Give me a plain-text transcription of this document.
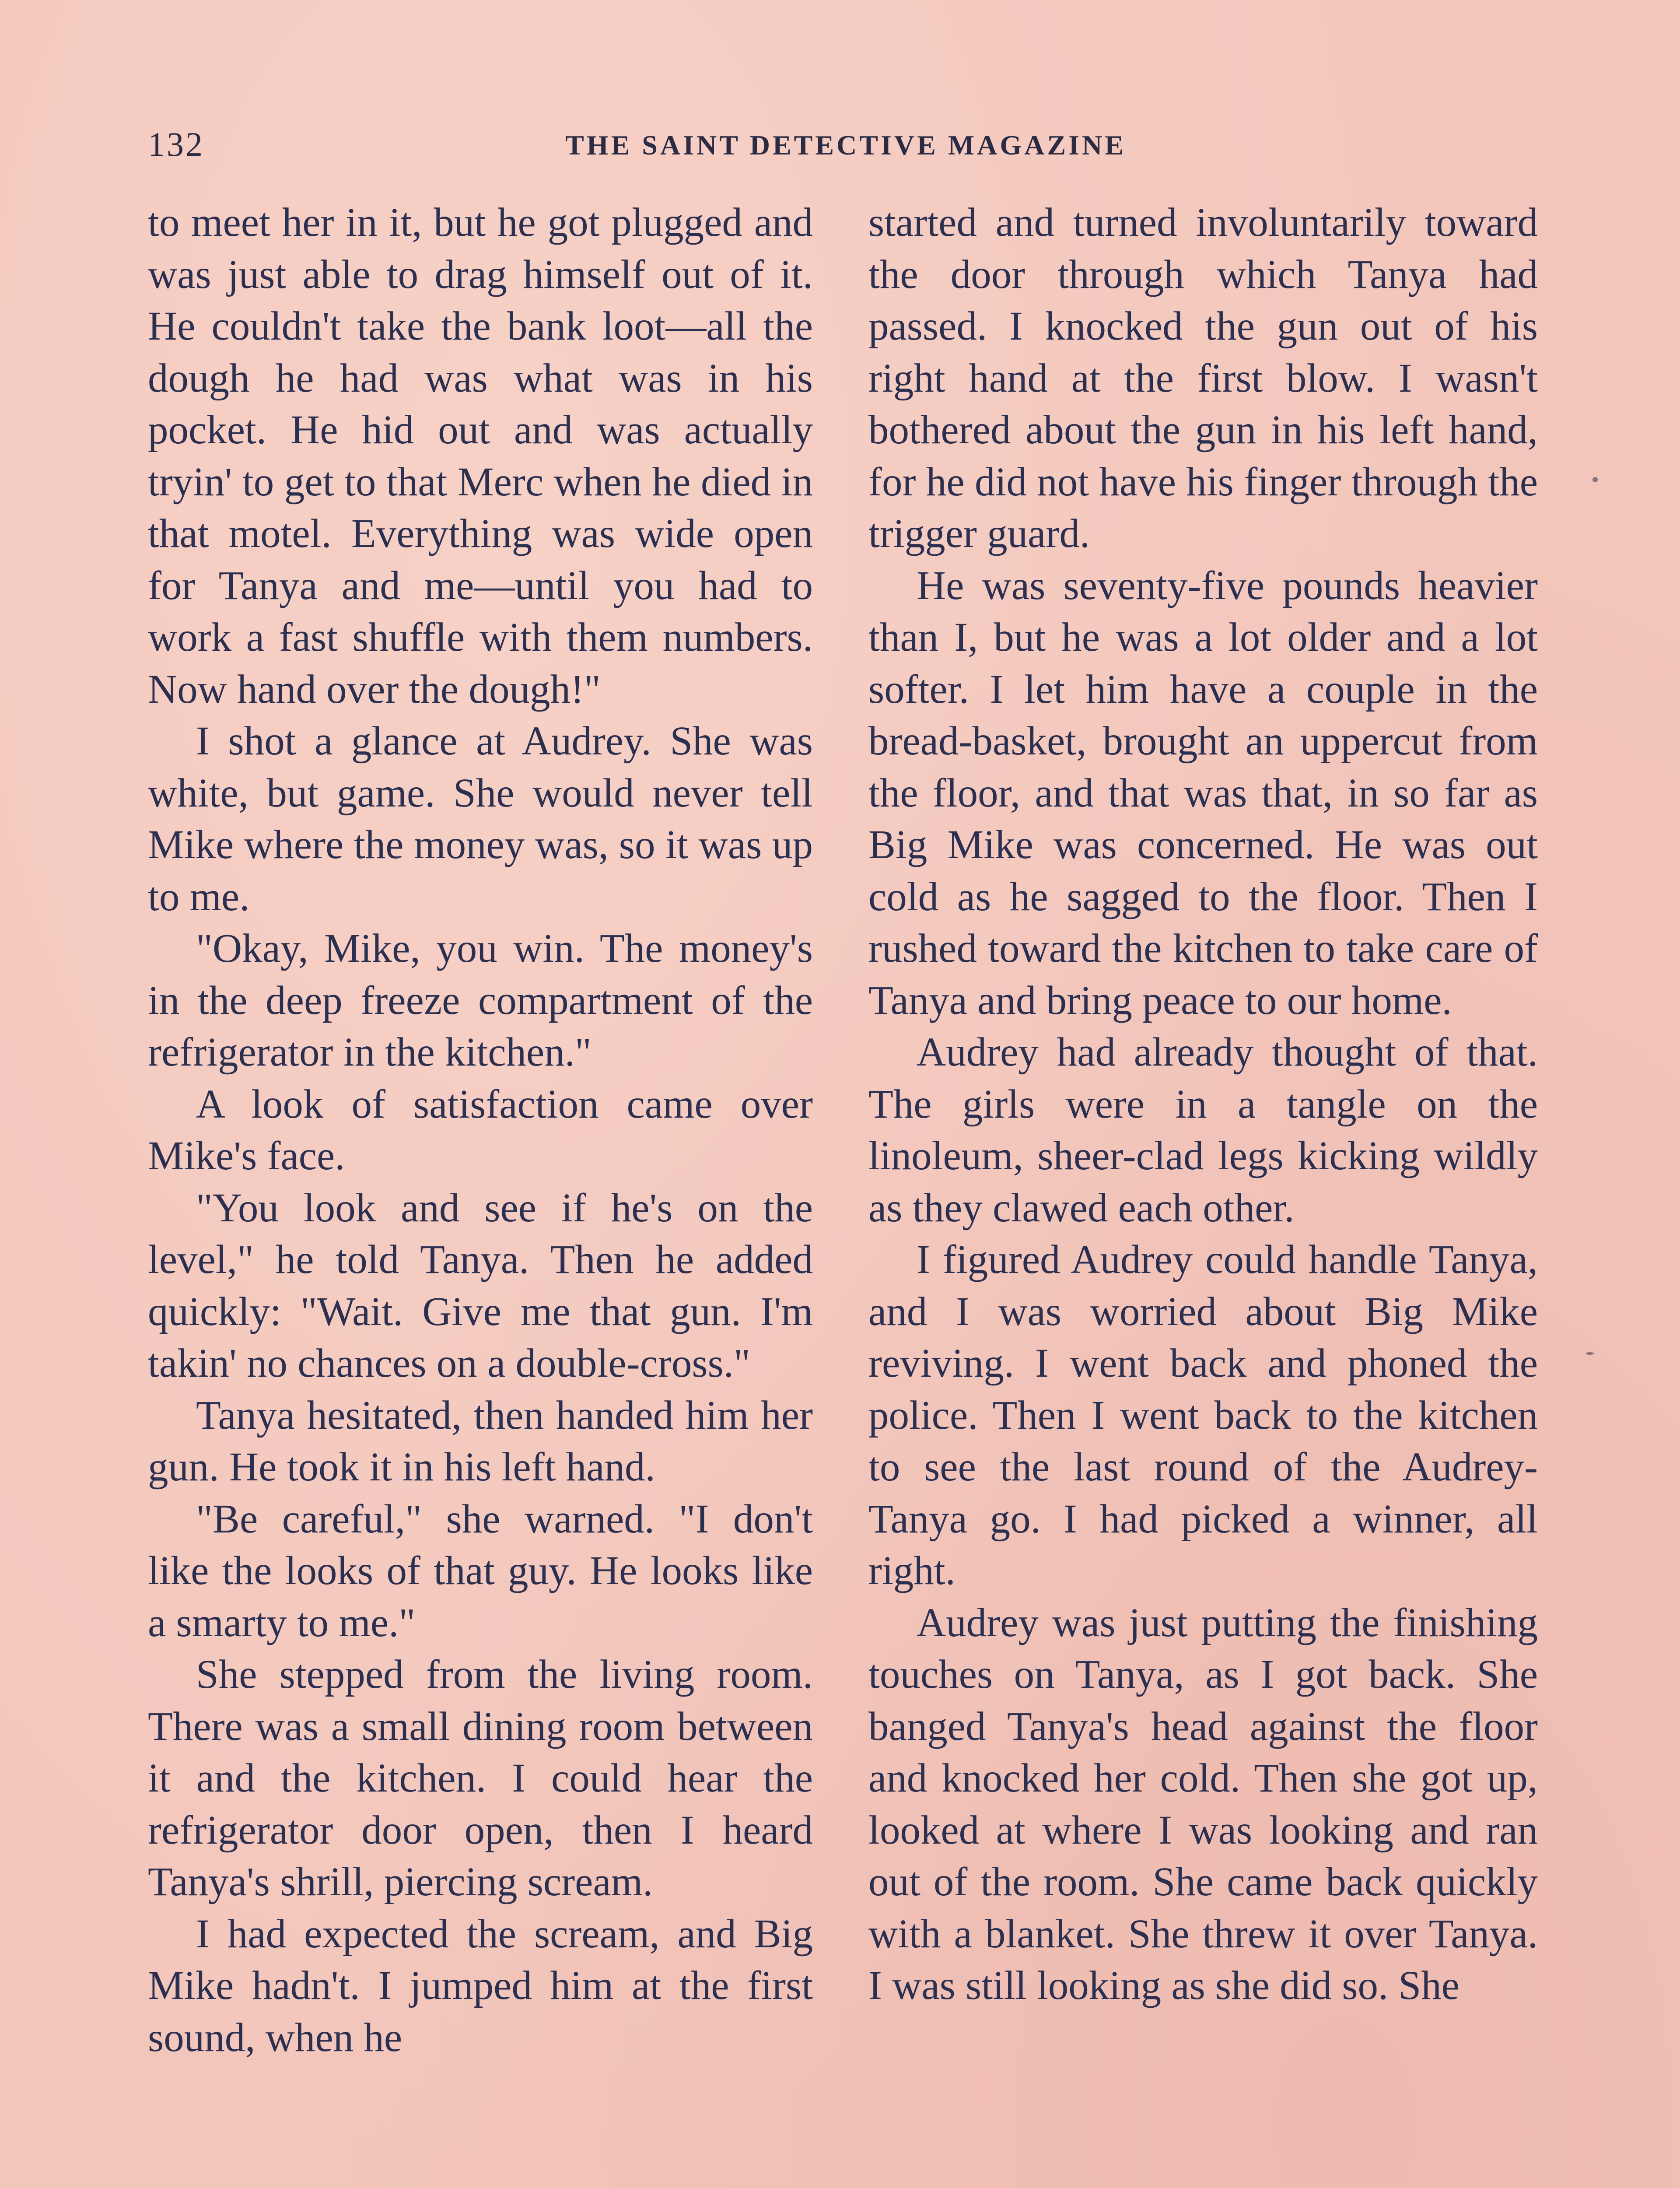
132	THE SAINT DETECTIVE MAGAZINE

to meet her in it, but he got plugged and was just able to drag himself out of it. He couldn't take the bank loot—all the dough he had was what was in his pocket. He hid out and was actually tryin' to get to that Merc when he died in that motel. Everything was wide open for Tanya and me—until you had to work a fast shuffle with them numbers. Now hand over the dough!"

I shot a glance at Audrey. She was white, but game. She would never tell Mike where the money was, so it was up to me.

"Okay, Mike, you win. The money's in the deep freeze compartment of the refrigerator in the kitchen."

A look of satisfaction came over Mike's face.

"You look and see if he's on the level," he told Tanya. Then he added quickly: "Wait. Give me that gun. I'm takin' no chances on a double-cross."

Tanya hesitated, then handed him her gun. He took it in his left hand.

"Be careful," she warned. "I don't like the looks of that guy. He looks like a smarty to me."

She stepped from the living room. There was a small dining room between it and the kitchen. I could hear the refrigerator door open, then I heard Tanya's shrill, piercing scream.

I had expected the scream, and Big Mike hadn't. I jumped him at the first sound, when he

started and turned involuntarily toward the door through which Tanya had passed. I knocked the gun out of his right hand at the first blow. I wasn't bothered about the gun in his left hand, for he did not have his finger through the trigger guard.

He was seventy-five pounds heavier than I, but he was a lot older and a lot softer. I let him have a couple in the bread-basket, brought an uppercut from the floor, and that was that, in so far as Big Mike was concerned. He was out cold as he sagged to the floor. Then I rushed toward the kitchen to take care of Tanya and bring peace to our home.

Audrey had already thought of that. The girls were in a tangle on the linoleum, sheer-clad legs kicking wildly as they clawed each other.

I figured Audrey could handle Tanya, and I was worried about Big Mike reviving. I went back and phoned the police. Then I went back to the kitchen to see the last round of the Audrey-Tanya go. I had picked a winner, all right.

Audrey was just putting the finishing touches on Tanya, as I got back. She banged Tanya's head against the floor and knocked her cold. Then she got up, looked at where I was looking and ran out of the room. She came back quickly with a blanket. She threw it over Tanya. I was still looking as she did so. She
